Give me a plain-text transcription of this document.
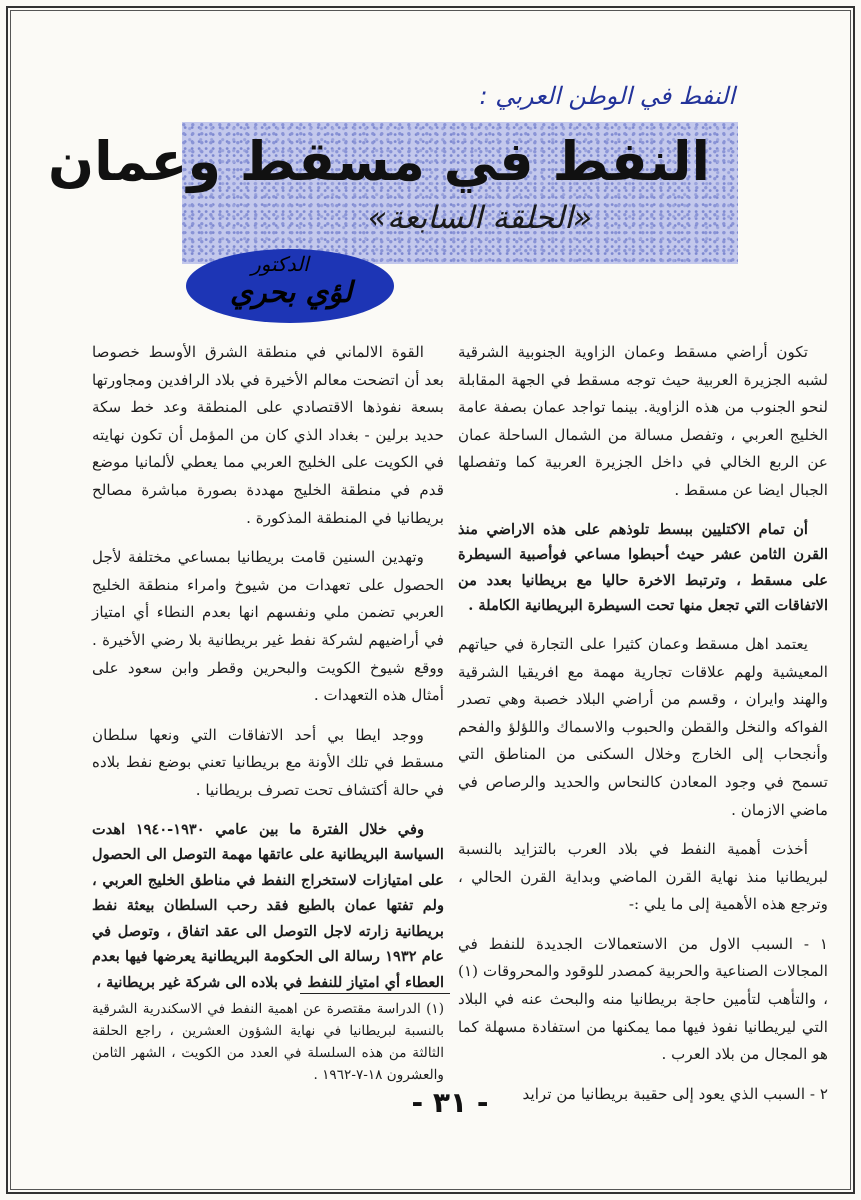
النفط في الوطن العربي :
النفط في مسقط وعمان
«الحلقة السابعة»
الدكتور
لؤي بحري

تكون أراضي مسقط وعمان الزاوية الجنوبية الشرقية لشبه الجزيرة العربية حيث توجه مسقط في الجهة المقابلة لنحو الجنوب من هذه الزاوية. بينما تواجد عمان بصفة عامة الخليج العربي ، وتفصل مسالة من الشمال الساحلة عمان عن الربع الخالي في داخل الجزيرة العربية كما وتفصلها الجبال ايضا عن مسقط .

أن تمام الاكتليين ببسط تلوذهم على هذه الاراضي منذ القرن الثامن عشر حيث أحبطوا مساعي فوأصبية السيطرة على مسقط ، وترتبط الاخرة حاليا مع بريطانيا بعدد من الاتفاقات التي تجعل منها تحت السيطرة البريطانية الكاملة .

يعتمد اهل مسقط وعمان كثيرا على التجارة في حياتهم المعيشية ولهم علاقات تجارية مهمة مع افريقيا الشرقية والهند وايران ، وقسم من أراضي البلاد خصبة وهي تصدر الفواكه والنخل والقطن والحبوب والاسماك واللؤلؤ والفحم وأنجحاب إلى الخارج وخلال السكنى من المناطق التي تسمح في وجود المعادن كالنحاس والحديد والرصاص في ماضي الازمان .

أخذت أهمية النفط في بلاد العرب بالتزايد بالنسبة لبريطانيا منذ نهاية القرن الماضي وبداية القرن الحالي ، وترجع هذه الأهمية إلى ما يلي :-

١ - السبب الاول من الاستعمالات الجديدة للنفط في المجالات الصناعية والحربية كمصدر للوقود والمحروقات (١) ، والتأهب لتأمين حاجة بريطانيا منه والبحث عنه في البلاد التي ليريطانيا نفوذ فيها مما يمكنها من استفادة مسهلة كما هو المجال من بلاد العرب .

٢ - السبب الذي يعود إلى حقيبة بريطانيا من ترايد

القوة الالماني في منطقة الشرق الأوسط خصوصا بعد أن اتضحت معالم الأخيرة في بلاد الرافدين ومجاورتها بسعة نفوذها الاقتصادي على المنطقة وعد خط سكة حديد برلين - بغداد الذي كان من المؤمل أن تكون نهايته في الكويت على الخليج العربي مما يعطي لألمانيا موضع قدم في منطقة الخليج مهددة بصورة مباشرة مصالح بريطانيا في المنطقة المذكورة .

وتهدين السنين قامت بريطانيا بمساعي مختلفة لأجل الحصول على تعهدات من شيوخ وامراء منطقة الخليج العربي تضمن ملي ونفسهم انها بعدم النطاء أي امتياز في أراضيهم لشركة نفط غير بريطانية بلا رضي الأخيرة . ووقع شيوخ الكويت والبحرين وقطر وابن سعود على أمثال هذه التعهدات .

ووجد ايطا بي أحد الاتفاقات التي ونعها سلطان مسقط في تلك الأونة مع بريطانيا تعني بوضع نفط بلاده في حالة أكتشاف تحت تصرف بريطانيا .

وفي خلال الفترة ما بين عامي ١٩٣٠-١٩٤٠ اهدت السياسة البريطانية على عاتقها مهمة التوصل الى الحصول على امتيازات لاستخراج النفط في مناطق الخليج العربي ، ولم تفتها عمان بالطبع فقد رحب السلطان بيعثة نفط بريطانية زارته لاجل التوصل الى عقد اتفاق ، وتوصل في عام ١٩٣٢ رسالة الى الحكومة البريطانية يعرضها فيها بعدم العطاء أي امتياز للنفط في بلاده الى شركة غير بريطانية ،

(١) الدراسة مقتصرة عن اهمية النفط في الاسكندرية الشرقية بالنسبة لبريطانيا في نهاية الشؤون العشرين ، راجع الحلقة الثالثة من هذه السلسلة في العدد من الكويت ، الشهر الثامن والعشرون ١٨-٧-١٩٦٢ .

- ٣١ -
